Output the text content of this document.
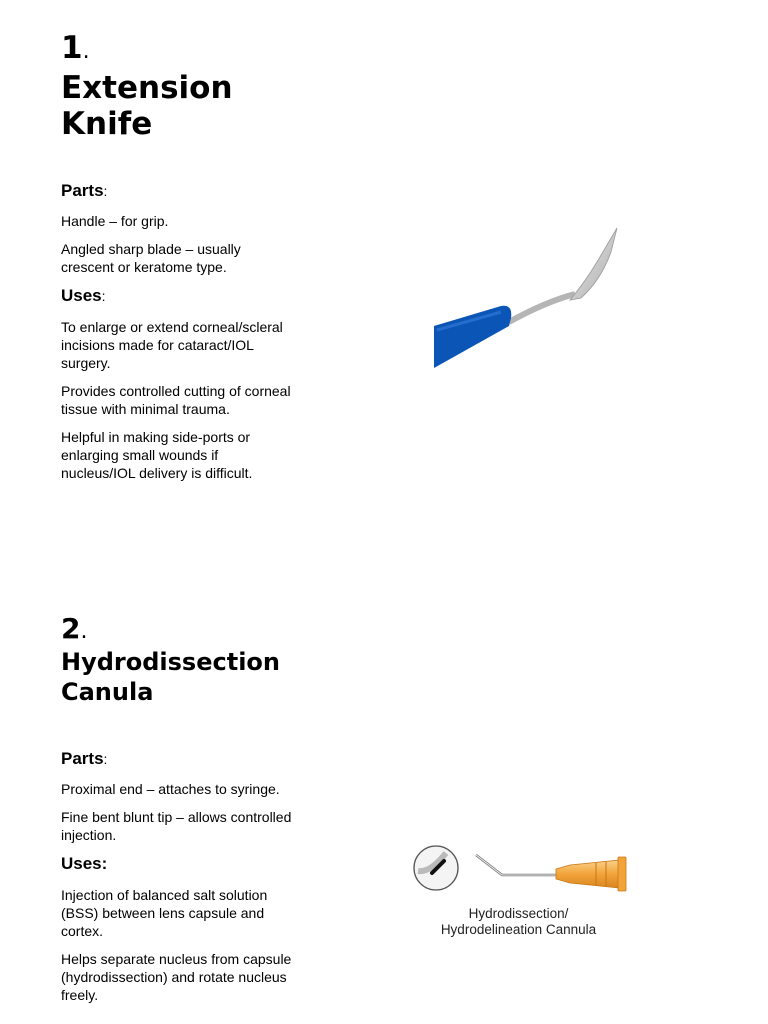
1.
Extension Knife

Parts:

Handle – for grip.

Angled sharp blade – usually crescent or keratome type.

Uses:

To enlarge or extend corneal/scleral incisions made for cataract/IOL surgery.

Provides controlled cutting of corneal tissue with minimal trauma.

Helpful in making side-ports or enlarging small wounds if nucleus/IOL delivery is difficult.

2.
Hydrodissection Canula

Parts:

Proximal end – attaches to syringe.

Fine bent blunt tip – allows controlled injection.

Uses:

Injection of balanced salt solution (BSS) between lens capsule and cortex.

Helps separate nucleus from capsule (hydrodissection) and rotate nucleus freely.

Hydrodissection/
Hydrodelineation Cannula
